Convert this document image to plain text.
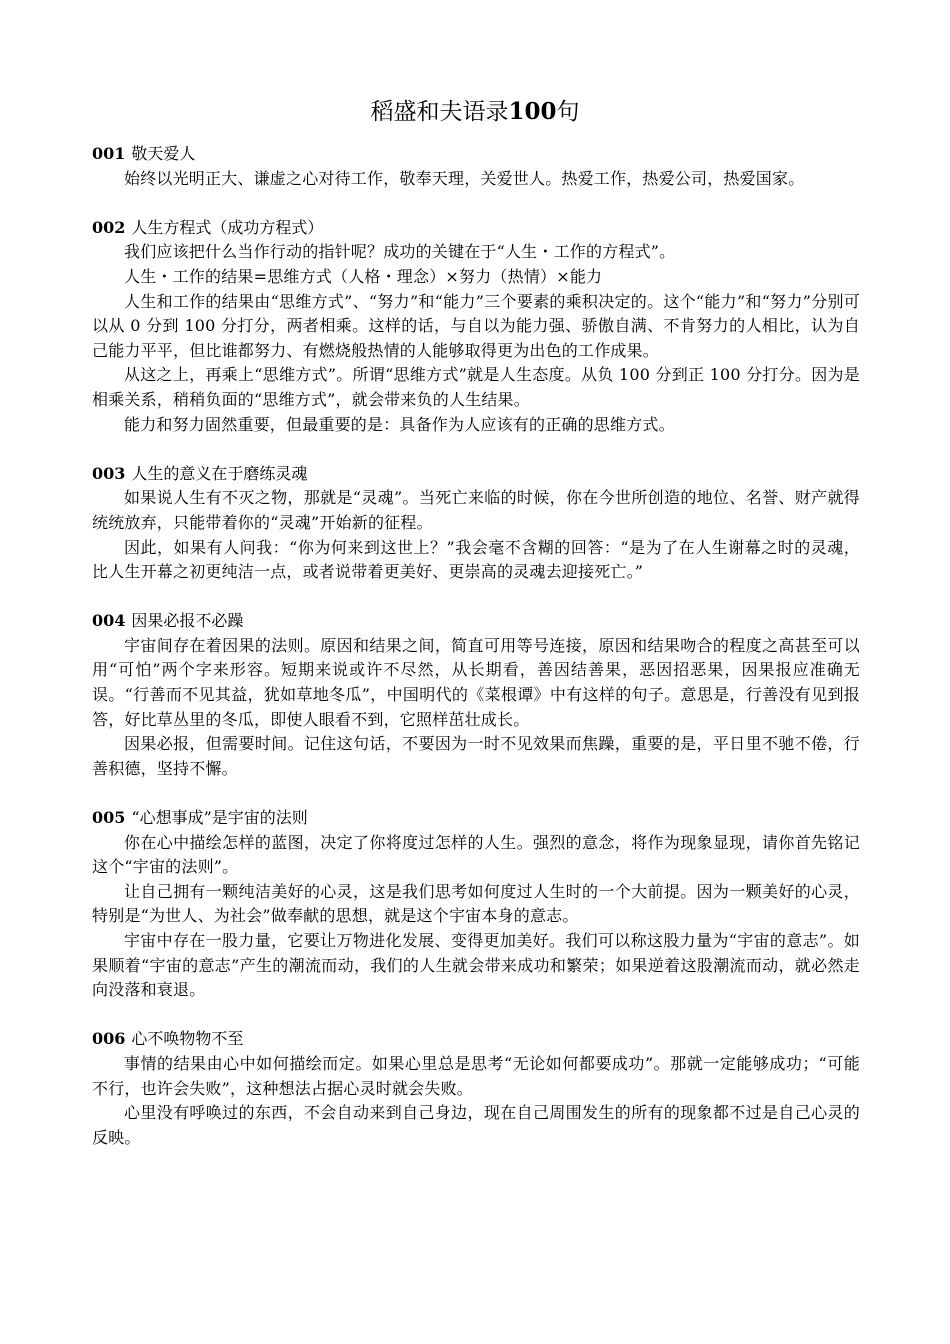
稻盛和夫语录100句
001 敬天爱人

始终以光明正大、谦虚之心对待工作，敬奉天理，关爱世人。热爱工作，热爱公司，热爱国家。

002 人生方程式（成功方程式）

我们应该把什么当作行动的指针呢？成功的关键在于“人生・工作的方程式”。

人生・工作的结果=思维方式（人格・理念）×努力（热情）×能力

人生和工作的结果由“思维方式”、“努力”和“能力”三个要素的乘积决定的。这个“能力”和“努力”分别可以从 0 分到 100 分打分，两者相乘。这样的话，与自以为能力强、骄傲自满、不肯努力的人相比，认为自己能力平平，但比谁都努力、有燃烧般热情的人能够取得更为出色的工作成果。

从这之上，再乘上“思维方式”。所谓“思维方式”就是人生态度。从负 100 分到正 100 分打分。因为是相乘关系，稍稍负面的“思维方式”，就会带来负的人生结果。

能力和努力固然重要，但最重要的是：具备作为人应该有的正确的思维方式。

003 人生的意义在于磨练灵魂

如果说人生有不灭之物，那就是“灵魂”。当死亡来临的时候，你在今世所创造的地位、名誉、财产就得统统放弃，只能带着你的“灵魂”开始新的征程。

因此，如果有人问我：“你为何来到这世上？”我会毫不含糊的回答：“是为了在人生谢幕之时的灵魂，比人生开幕之初更纯洁一点，或者说带着更美好、更崇高的灵魂去迎接死亡。”

004 因果必报不必躁

宇宙间存在着因果的法则。原因和结果之间，简直可用等号连接，原因和结果吻合的程度之高甚至可以用“可怕”两个字来形容。短期来说或许不尽然，从长期看，善因结善果，恶因招恶果，因果报应准确无误。“行善而不见其益，犹如草地冬瓜”，中国明代的《菜根谭》中有这样的句子。意思是，行善没有见到报答，好比草丛里的冬瓜，即使人眼看不到，它照样茁壮成长。

因果必报，但需要时间。记住这句话，不要因为一时不见效果而焦躁，重要的是，平日里不驰不倦，行善积德，坚持不懈。

005 “心想事成”是宇宙的法则

你在心中描绘怎样的蓝图，决定了你将度过怎样的人生。强烈的意念，将作为现象显现，请你首先铭记这个“宇宙的法则”。

让自己拥有一颗纯洁美好的心灵，这是我们思考如何度过人生时的一个大前提。因为一颗美好的心灵，特别是“为世人、为社会”做奉献的思想，就是这个宇宙本身的意志。

宇宙中存在一股力量，它要让万物进化发展、变得更加美好。我们可以称这股力量为“宇宙的意志”。如果顺着“宇宙的意志”产生的潮流而动，我们的人生就会带来成功和繁荣；如果逆着这股潮流而动，就必然走向没落和衰退。

006 心不唤物物不至

事情的结果由心中如何描绘而定。如果心里总是思考“无论如何都要成功”。那就一定能够成功；“可能不行，也许会失败”，这种想法占据心灵时就会失败。

心里没有呼唤过的东西，不会自动来到自己身边，现在自己周围发生的所有的现象都不过是自己心灵的反映。
